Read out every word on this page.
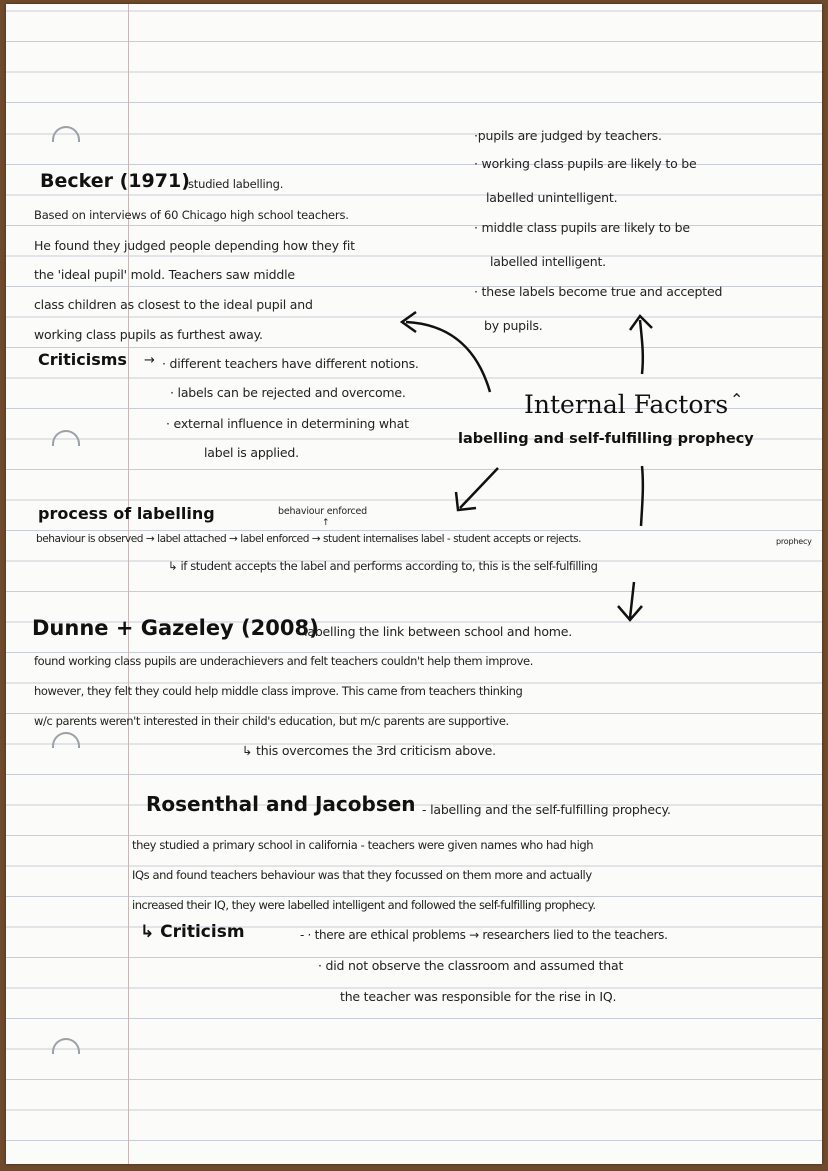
·pupils are judged by teachers.
· working class pupils are likely to be
labelled unintelligent.
· middle class pupils are likely to be
labelled intelligent.
· these labels become true and accepted
by pupils.
Becker (1971)
studied labelling.
Based on interviews of 60 Chicago high school teachers.
He found they judged people depending how they fit
the 'ideal pupil' mold. Teachers saw middle
class children as closest to the ideal pupil and
working class pupils as furthest away.
Criticisms → · different teachers have different notions.
· labels can be rejected and overcome.
· external influence in determining what
label is applied.
Internal Factors ⌃
labelling and self-fulfilling prophecy
process of labelling	behaviour enforced
↑
behaviour is observed → label attached → label enforced → student internalises label - student accepts or rejects.	prophecy
↳ if student accepts the label and performs according to, this is the self-fulfilling
Dunne + Gazeley (2008)
- labelling the link between school and home.
found working class pupils are underachievers and felt teachers couldn't help them improve.
however, they felt they could help middle class improve. This came from teachers thinking
w/c parents weren't interested in their child's education, but m/c parents are supportive.
↳ this overcomes the 3rd criticism above.
Rosenthal and Jacobsen - labelling and the self-fulfilling prophecy.
they studied a primary school in california - teachers were given names who had high
IQs and found teachers behaviour was that they focussed on them more and actually
increased their IQ, they were labelled intelligent and followed the self-fulfilling prophecy.
↳ Criticism	- · there are ethical problems → researchers lied to the teachers.
· did not observe the classroom and assumed that
the teacher was responsible for the rise in IQ.
